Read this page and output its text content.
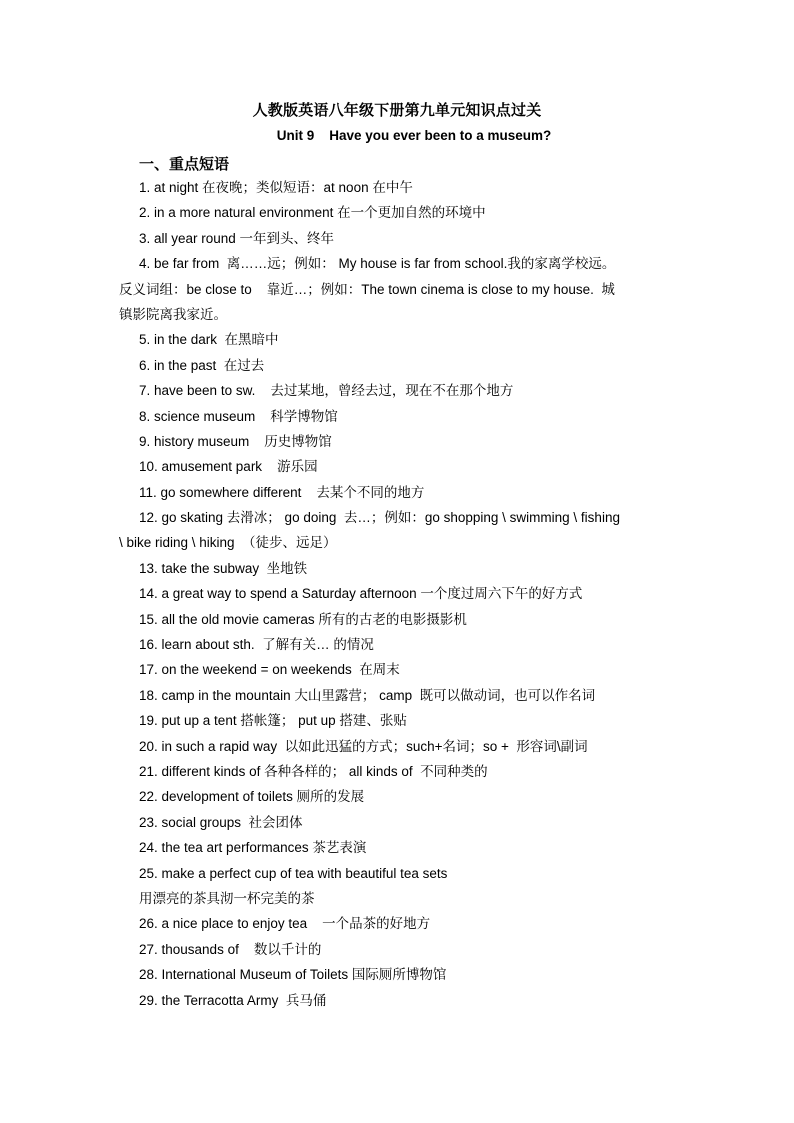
人教版英语八年级下册第九单元知识点过关
Unit 9    Have you ever been to a museum?
一、重点短语
1. at night 在夜晚；类似短语：at noon 在中午
2. in a more natural environment 在一个更加自然的环境中
3. all year round 一年到头、终年
4. be far from  离……远；例如： My house is far from school.我的家离学校远。
反义词组：be close to    靠近…；例如：The town cinema is close to my house.  城
镇影院离我家近。
5. in the dark  在黑暗中
6. in the past  在过去
7. have been to sw.    去过某地，曾经去过，现在不在那个地方
8. science museum    科学博物馆
9. history museum    历史博物馆
10. amusement park    游乐园
11. go somewhere different    去某个不同的地方
12. go skating 去滑冰； go doing  去…；例如：go shopping \ swimming \ fishing
\ bike riding \ hiking  （徒步、远足）
13. take the subway  坐地铁
14. a great way to spend a Saturday afternoon 一个度过周六下午的好方式
15. all the old movie cameras 所有的古老的电影摄影机
16. learn about sth.  了解有关… 的情况
17. on the weekend = on weekends  在周末
18. camp in the mountain 大山里露营； camp  既可以做动词，也可以作名词
19. put up a tent 搭帐篷； put up 搭建、张贴
20. in such a rapid way  以如此迅猛的方式；such+名词；so +  形容词\副词
21. different kinds of 各种各样的； all kinds of  不同种类的
22. development of toilets 厕所的发展
23. social groups  社会团体
24. the tea art performances 茶艺表演
25. make a perfect cup of tea with beautiful tea sets
用漂亮的茶具沏一杯完美的茶
26. a nice place to enjoy tea    一个品茶的好地方
27. thousands of    数以千计的
28. International Museum of Toilets 国际厕所博物馆
29. the Terracotta Army  兵马俑
